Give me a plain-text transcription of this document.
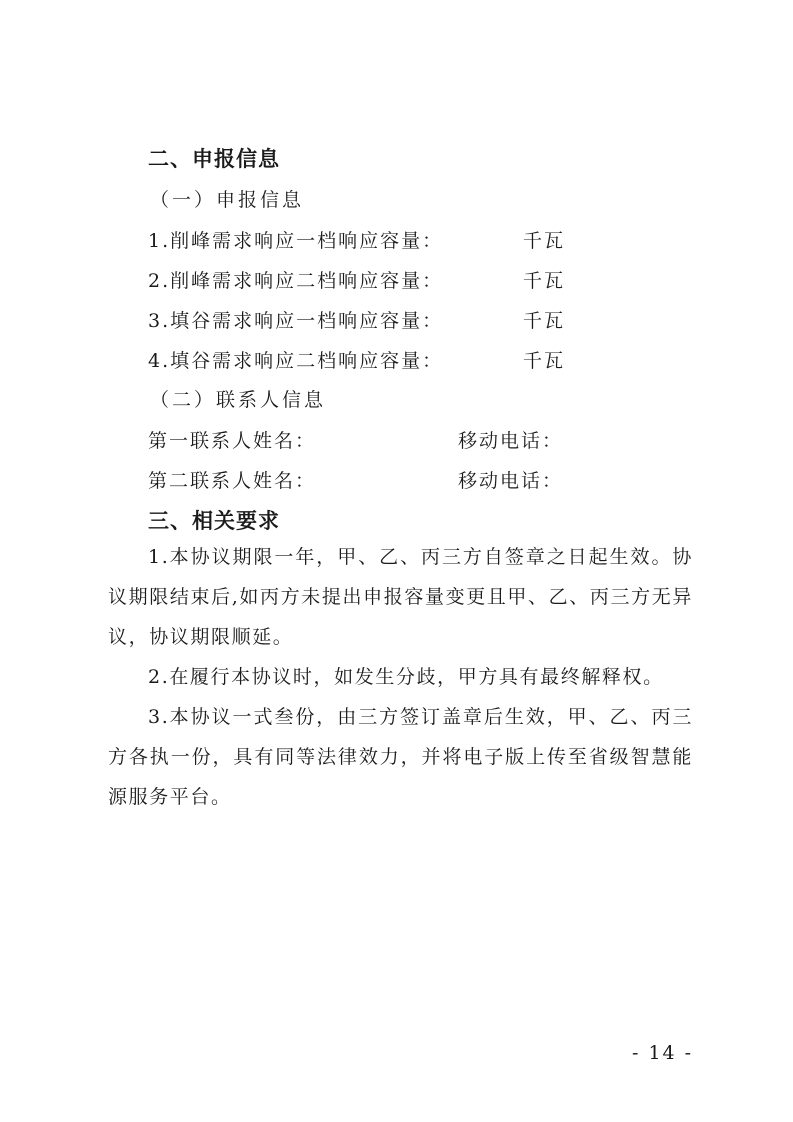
二、申报信息
（一）申报信息
1.削峰需求响应一档响应容量：	千瓦
2.削峰需求响应二档响应容量：	千瓦
3.填谷需求响应一档响应容量：	千瓦
4.填谷需求响应二档响应容量：	千瓦
（二）联系人信息
第一联系人姓名：	移动电话：
第二联系人姓名：	移动电话：
三、相关要求

1.本协议期限一年，甲、乙、丙三方自签章之日起生效。协议期限结束后,如丙方未提出申报容量变更且甲、乙、丙三方无异议，协议期限顺延。

2.在履行本协议时，如发生分歧，甲方具有最终解释权。

3.本协议一式叁份，由三方签订盖章后生效，甲、乙、丙三方各执一份，具有同等法律效力，并将电子版上传至省级智慧能源服务平台。

- 14 -
